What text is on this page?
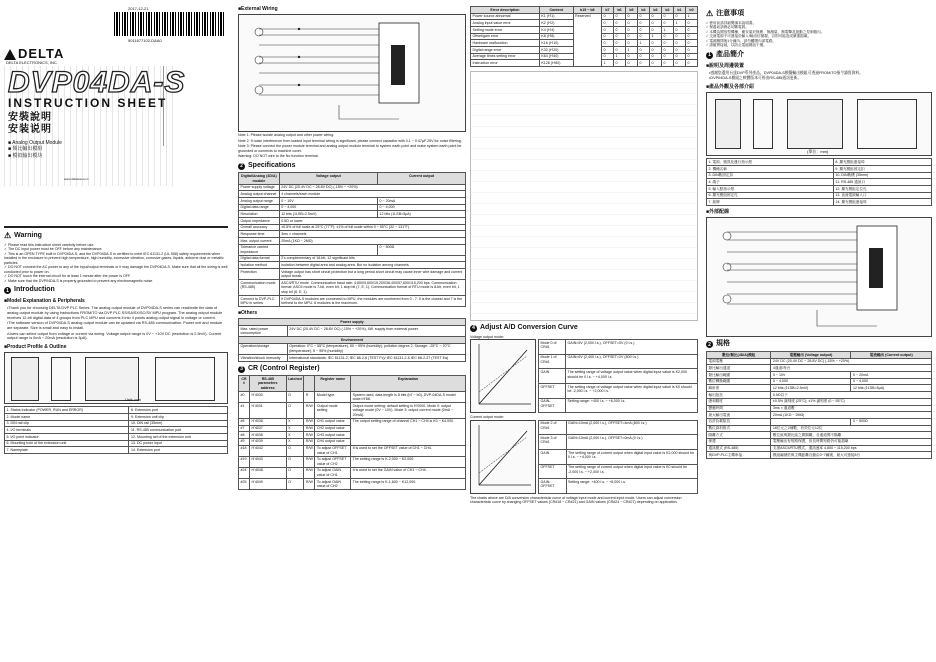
2017-12-21
5011677102-DAA0
DELTA
DELTA ELECTRONICS, INC.
DVP04DA-S
INSTRUCTION SHEET
安裝說明
安装说明
■ Analog Output Module
■ 類比輸出模組
■ 模拟输出模块
www.deltaww.com
⚠ Warning
✓ Please read this instruction sheet carefully before use.
✓ The DC input power must be OFF before any maintenance.
✓ This is an OPEN TYPE built in DVP04DA-S, and the DVP04DA-S is certified to meet IEC 61131-2 (UL 508) safety requirements when installed in the enclosure to prevent high temperature, high humidity, excessive vibration, corrosive gases, liquids, airborne dust or metallic particles.
✓ DO NOT connect the AC power to any of the input/output terminals or it may damage the DVP04DA-S. Make sure that all the wiring is well conducted prior to power on.
✓ DO NOT touch the internal circuit for at least 1 minute after the power is OFF.
✓ Make sure that the DVP04DA-S is properly grounded to prevent any electromagnetic noise.
1 Introduction
■ Model Explanation & Peripherals
• Thank you for choosing DELTA DVP PLC Series. The analog output module of DVP04DA-S series can read/write the data of analog output module by using instructions FROM/TO via DVP PLC SS/SA/SX/SC/SV MPU program. The analog output module receives 12-bit digital data of 4 groups from PLC MPU and converts it into 4 points analog output signal in voltage or current.
• The software version of DVP04DA-S analog output module can be updated via RS-485 communication. Power unit and module are separate. Size is small and easy to install.
• Users can select output from voltage or current via wiring. Voltage output range is 0V ~ +10V DC (resolution is 2.5mV). Current output range is 0mA ~ 20mA (resolution is 5μA).
■ Product Profile & Outline
Unit: mm
1. Status indicator (POWER, RUN and ERROR)	8. Extension port
2. Model name	9. Extension unit clip
3. DIN rail clip	10. DIN rail (35mm)
4. I/O terminals	11. RS-485 communication port
5. I/O point indicator	12. Mounting rail of the extension unit
6. Mounting hole of the extension unit	13. DC power input
7. Nameplate	14. Extension port
■ External Wiring
Note 1: Please isolate analog output and other power wiring.
Note 2: If noise interference from loaded input terminal wiring is significant, please connect capacitor with 0.1 ~ 0.47μF 25V for noise filtering.
Note 3: Please connect the power module terminal and analog output module terminal to system earth point and make system earth point be grounded or connects to machine cover.
Warning: DO NOT wire to the No function terminal.
2 Specifications
Digital/Analog (4D/A) module	Voltage output	Current output
Power supply voltage	24V DC (20.4V DC ~ 28.8V DC) (-15% ~ +20%)	
Analog output channel	4 channels/each module	
Analog output range	0 ~ 10V	0 ~ 20mA
Digital data range	0 ~ 4,000	0 ~ 4,000
Resolution	12 bits (1LSB=2.5mV)	12 bits (1LSB=5μA)
Output impedance	0.5Ω or lower	
Overall accuracy	±0.5% of full scale at 25°C (77°F); ±1% of full scale within 0 ~ 55°C (32 ~ 131°F)	
Response time	3ms × channels	
Max. output current	20mA (1KΩ ~ 2MΩ)	
Tolerance carried impedance		0 ~ 500Ω
Digital data format	2's complementary of 16-bit, 12 significant bits	
Isolation method	Isolation between digital area and analog area. But no isolation among channels.	
Protection	Voltage output has short circuit protection but a long period short circuit may cause inner wire damage and current output break.	
Communication mode (RS-485)	ASCII/RTU mode. Communication baud rate: 4,800/9,600/19,200/38,400/57,600/115,200 bps. Communication format: ASCII mode is 7-bit, even bit, 1 stop bit (7, E, 1). Communication format of RTU mode is 8-bit, even bit, 1 stop bit (8, E, 1).	
Connect to DVP-PLC MPU in series	If DVP04DA-S modules are connected to MPU, the modules are numbered from 0 - 7. 0 is the closest and 7 is the furthest to the MPU. 8 modules is the maximum.	
■ Others
Power supply	
Max. rated power consumption	24V DC (20.4V DC ~ 28.8V DC) (-15% ~ +20%), 4W, supply from external power.
Environment	
Operation/storage	Operation: 0°C ~ 55°C (temperature), 50 ~ 95% (humidity), pollution degree 2. Storage: -25°C ~ 70°C (temperature), 5 ~ 95% (humidity)
Vibration/shock immunity	International standards: IEC 61131-2, IEC 68-2-6 (TEST Fc)/ IEC 61131-2 & IEC 68-2-27 (TEST Ea)
3 CR (Control Register)
CR #	RS-485 parameters address	Latched		Register name	Explanation
#0	H'4030	O	R	Model type	System used, data length is 8 bits (b7 ~ b0). DVP-04DA-S model code=H'88.
#1	H'4031	O	R/W	Output mode setting	Output mode setting: default setting is H'0000. Mode 0: output voltage mode (0V ~ 10V). Mode 3: output current mode (0mA ~ 20mA).
#6	H'4036	X	R/W	CH1 output value	The output setting range of channel CH1 ~ CH4 is K0 ~ K4,000.
#7	H'4037	X	R/W	CH2 output value	
#8	H'4038	X	R/W	CH3 output value	
#9	H'4039	X	R/W	CH4 output value	
#18	H'4042	O	R/W	To adjust OFFSET value of CH1	It is used to set the OFFSET value of CH1 ~ CH4.
#19	H'4043	O	R/W	To adjust OFFSET value of CH2	The setting range is K-2,000 ~ K2,000.
#24	H'4048	O	R/W	To adjust GAIN value of CH1	It is used to set the GAIN value of CH1 ~ CH4.
#25	H'4049	O	R/W	To adjust GAIN value of CH2	The setting range is K-1,600 ~ K12,000.
Error description	Content	b15 ~ b8	b7	b6	b5	b4	b3	b2	b1	b0
Power source abnormal	K1 (H'1)	Reserved	0	0	0	0	0	0	0	1
Analog input value error	K2 (H'2)		0	0	0	0	0	0	1	0
Setting mode error	K4 (H'4)		0	0	0	0	0	1	0	0
Offset/gain error	K8 (H'8)		0	0	0	0	1	0	0	0
Hardware malfunction	K16 (H'10)		0	0	0	1	0	0	0	0
Digital range error	K32 (H'20)		0	0	1	0	0	0	0	0
Average times setting error	K64 (H'40)		0	1	0	0	0	0	0	0
Instruction error	K128 (H'80)		1	0	0	0	0	0	0	0
4 Adjust A/D Conversion Curve
Voltage output mode:
Mode 0 of CR#1	GAIN=5V (2,000 l.s.), OFFSET=0V (0 l.s.)
Mode 1 of CR#1	GAIN=6V (2,400 l.s.), OFFSET=2V (800 l.s.)
GAIN	The setting range of voltage output value when digital input value is K2,000 should be 0 l.s. ~ +4,000 l.s.
OFFSET	The setting range of voltage output value when digital input value is K0 should be -2,000 l.s. ~ +2,000 l.s.
GAIN-OFFSET	Setting range: +400 l.s. ~ +6,000 l.s.
Current output mode:
Mode 2 of CR#1	GAIN=10mA (2,000 l.s.), OFFSET=4mA (800 l.s.)
Mode 3 of CR#1	GAIN=10mA (2,000 l.s.), OFFSET=0mA (0 l.s.)
GAIN	The setting range of current output when digital input value is K2,000 should be 0 l.s. ~ +4,000 l.s.
OFFSET	The setting range of current output when digital input value is K0 should be -2,000 l.s. ~ +2,000 l.s.
GAIN-OFFSET	Setting range: +400 l.s. ~ +6,000 l.s.
The charts above are D/A conversion characteristic curve of voltage input mode and current input mode. Users can adjust conversion characteristic curve by changing OFFSET values (CR#18 ~ CR#21) and GAIN values (CR#24 ~ CR#27) depending on application.
⚠ 注意事項
✓ 使用前請詳細閱讀本說明書。
✓ 保養前請務必切斷電源。
✓ 本機為開放型機種，應安裝於無塵、無濕氣、無電擊及振動之控制箱內。
✓ 交流電源不可連接於輸入/輸出信號端，否則可能造成嚴重損壞。
✓ 電源關閉後1分鐘內，請勿觸摸內部電路。
✓ 請確實接地，以防止電磁雜訊干擾。
1 產品簡介
■ 說明及周邊裝置
• 感謝您選用台達DVP系列產品。DVP04DA-S模擬輸出模組可透過FROM/TO指令讀寫資料。
• DVP04DA-S模組之軟體版本可經由RS-485通訊更新。
■ 產品外觀及各部介紹
(單位：mm)
1. 電源、錯誤及運行指示燈	8. 擴充模組連接埠
2. 機種名稱	9. 擴充模組固定扣
3. DIN軌固定扣	10. DIN軌槽 (35mm)
4. 端子	11. RS-485 通訊口
5. 輸入點指示燈	12. 擴充模組定位孔
6. 擴充模組固定孔	13. 直流電源輸入口
7. 銘牌	14. 擴充模組連接埠
■ 外部配線
2 規格
數位/類比(4D/A)模組	電壓輸出 (Voltage output)	電流輸出 (Current output)
電源電壓	24V DC (20.4V DC ~ 28.8V DC) (-15% ~ +20%)	
類比輸出通道	4通道/每台	
類比輸出範圍	0 ~ 10V	0 ~ 20mA
數位轉換範圍	0 ~ 4,000	0 ~ 4,000
解析度	12 bits (1LSB=2.5mV)	12 bits (1LSB=5μA)
輸出阻抗	0.5Ω以下	
總和精度	±0.5% 滿刻度 (25°C); ±1% 滿刻度 (0 ~ 55°C)	
響應時間	3ms × 通道數	
最大輸出電流	20mA (1KΩ ~ 2MΩ)	
容許負載阻抗		0 ~ 500Ω
數位資料格式	16位元之2補數，有效位元12位	
隔離方式	數位區與類比區之間隔離，各通道間不隔離	
保護	電壓輸出有短路保護，但長時間短路仍可能損壞	
通訊模式 (RS-485)	支援ASCII/RTU模式，通訊速率 4,800 ~ 115,200 bps	
與DVP-PLC主機串接	模組編號依與主機距離自動由0~7編號，最大可連接8台	
